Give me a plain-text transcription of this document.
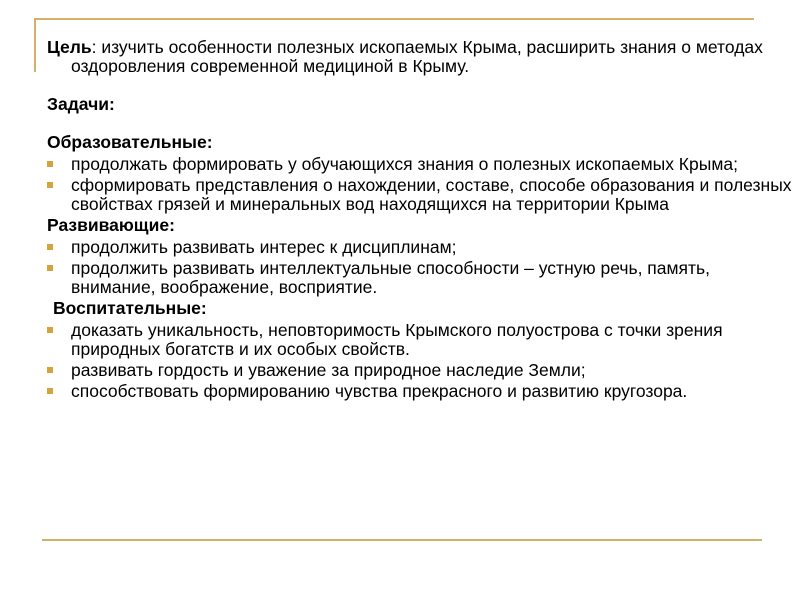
Цель: изучить особенности полезных ископаемых Крыма, расширить знания о методах оздоровления современной медициной в Крыму.

Задачи:

Образовательные:

продолжать формировать у обучающихся знания о полезных ископаемых Крыма;
сформировать представления о нахождении, составе, способе образования и полезных свойствах грязей и минеральных вод находящихся на территории Крыма

Развивающие:

продолжить развивать интерес к дисциплинам;
продолжить развивать интеллектуальные способности – устную речь, память, внимание, воображение, восприятие.

Воспитательные:

доказать уникальность, неповторимость Крымского полуострова с точки зрения природных богатств и их особых свойств.
развивать гордость и уважение за природное наследие Земли;
способствовать формированию чувства прекрасного и развитию кругозора.
